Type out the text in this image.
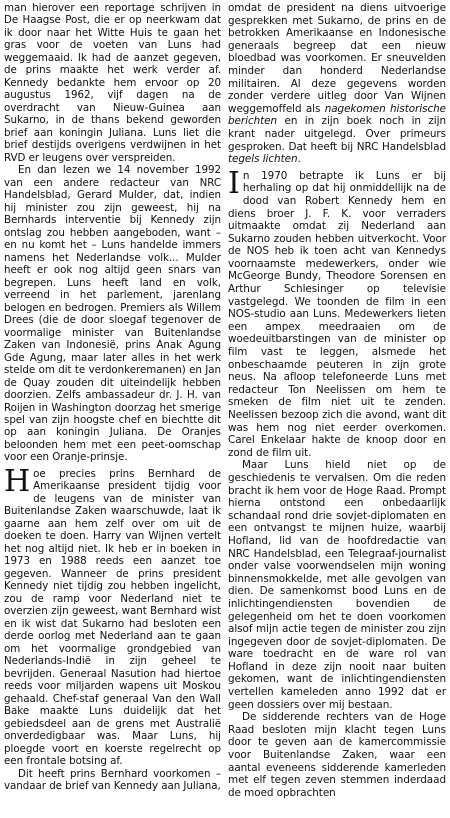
man hierover een reportage schrijven in De Haagse Post, die er op neerkwam dat ik door naar het Witte Huis te gaan het gras voor de voeten van Luns had weggemaaid. Ik had de aanzet gegeven, de prins maakte het werk verder af. Kennedy bedankte hem ervoor op 20 augustus 1962, vijf dagen na de overdracht van Nieuw-Guinea aan Sukarno, in de thans bekend geworden brief aan koningin Juliana. Luns liet die brief destijds overigens verdwijnen in het RVD er leugens over verspreiden.

En dan lezen we 14 november 1992 van een andere redacteur van NRC Handelsblad, Gerard Mulder, dat, indien hij minister zou zijn geweest, hij na Bernhards interventie bij Kennedy zijn ontslag zou hebben aangeboden, want – en nu komt het – Luns handelde immers namens het Nederlandse volk... Mulder heeft er ook nog altijd geen snars van begrepen. Luns heeft land en volk, verreend in het parlement, jarenlang belogen en bedrogen. Premiers als Willem Drees (die de door sloegaf tegenover de voormalige minister van Buitenlandse Zaken van Indonesië, prins Anak Agung Gde Agung, maar later alles in het werk stelde om dit te verdonkeremanen) en Jan de Quay zouden dit uiteindelijk hebben doorzien. Zelfs ambassadeur dr. J. H. van Roijen in Washington doorzag het smerige spel van zijn hoogste chef en biechtte dit op aan koningin Juliana. De Oranjes beloonden hem met een peet-oomschap voor een Oranje-prinsje.

Hoe precies prins Bernhard de Amerikaanse president tijdig voor de leugens van de minister van Buitenlandse Zaken waarschuwde, laat ik gaarne aan hem zelf over om uit de doeken te doen. Harry van Wijnen vertelt het nog altijd niet. Ik heb er in boeken in 1973 en 1988 reeds een aanzet toe gegeven. Wanneer de prins president Kennedy niet tijdig zou hebben ingelicht, zou de ramp voor Nederland niet te overzien zijn geweest, want Bernhard wist en ik wist dat Sukarno had besloten een derde oorlog met Nederland aan te gaan om het voormalige grondgebied van Nederlands-Indië in zijn geheel te bevrijden. Generaal Nasution had hiertoe reeds voor miljarden wapens uit Moskou gehaald. Chef-staf generaal Van den Wall Bake maakte Luns duidelijk dat het gebiedsdeel aan de grens met Australië onverdedigbaar was. Maar Luns, hij ploegde voort en koerste regelrecht op een frontale botsing af.

Dit heeft prins Bernhard voorkomen – vandaar de brief van Kennedy aan Juliana,

omdat de president na diens uitvoerige gesprekken met Sukarno, de prins en de betrokken Amerikaanse en Indonesische generaals begreep dat een nieuw bloedbad was voorkomen. Er sneuvelden minder dan honderd Nederlandse militairen. Al deze gegevens worden zonder verdere uitleg door Van Wijnen weggemoffeld als nagekomen historische berichten en in zijn boek noch in zijn krant nader uitgelegd. Over primeurs gesproken. Dat heeft bij NRC Handelsblad tegels lichten.

In 1970 betrapte ik Luns er bij herhaling op dat hij onmiddellijk na de dood van Robert Kennedy hem en diens broer J. F. K. voor verraders uitmaakte omdat zij Nederland aan Sukarno zouden hebben uitverkocht. Voor de NOS heb ik toen acht van Kennedys voornaamste medewerkers, onder wie McGeorge Bundy, Theodore Sorensen en Arthur Schlesinger op televisie vastgelegd. We toonden de film in een NOS-studio aan Luns. Medewerkers lieten een ampex meedraaien om de woedeuitbarstingen van de minister op film vast te leggen, alsmede het onbeschaamde peuteren in zijn grote neus. Na afloop telefoneerde Luns met redacteur Ton Neelissen om hem te smeken de film niet uit te zenden. Neelissen bezoop zich die avond, want dit was hem nog niet eerder overkomen. Carel Enkelaar hakte de knoop door en zond de film uit.

Maar Luns hield niet op de geschiedenis te vervalsen. Om die reden bracht ik hem voor de Hoge Raad. Prompt hierna ontstond een onbedaarlijk schandaal rond drie sovjet-diplomaten en een ontvangst te mijnen huize, waarbij Hofland, lid van de hoofdredactie van NRC Handelsblad, een Telegraaf-journalist onder valse voorwendselen mijn woning binnensmokkelde, met alle gevolgen van dien. De samenkomst bood Luns en de inlichtingendiensten bovendien de gelegenheid om het te doen voorkomen alsof mijn actie tegen de minister zou zijn ingegeven door de sovjet-diplomaten. De ware toedracht en de ware rol van Hofland in deze zijn nooit naar buiten gekomen, want de inlichtingendiensten vertellen kameleden anno 1992 dat er geen dossiers over mij bestaan.

De sidderende rechters van de Hoge Raad besloten mijn klacht tegen Luns door te geven aan de kamercommissie voor Buitenlandse Zaken, waar een aantal eveneens sidderende kamerleden met elf tegen zeven stemmen inderdaad de moed opbrachten
